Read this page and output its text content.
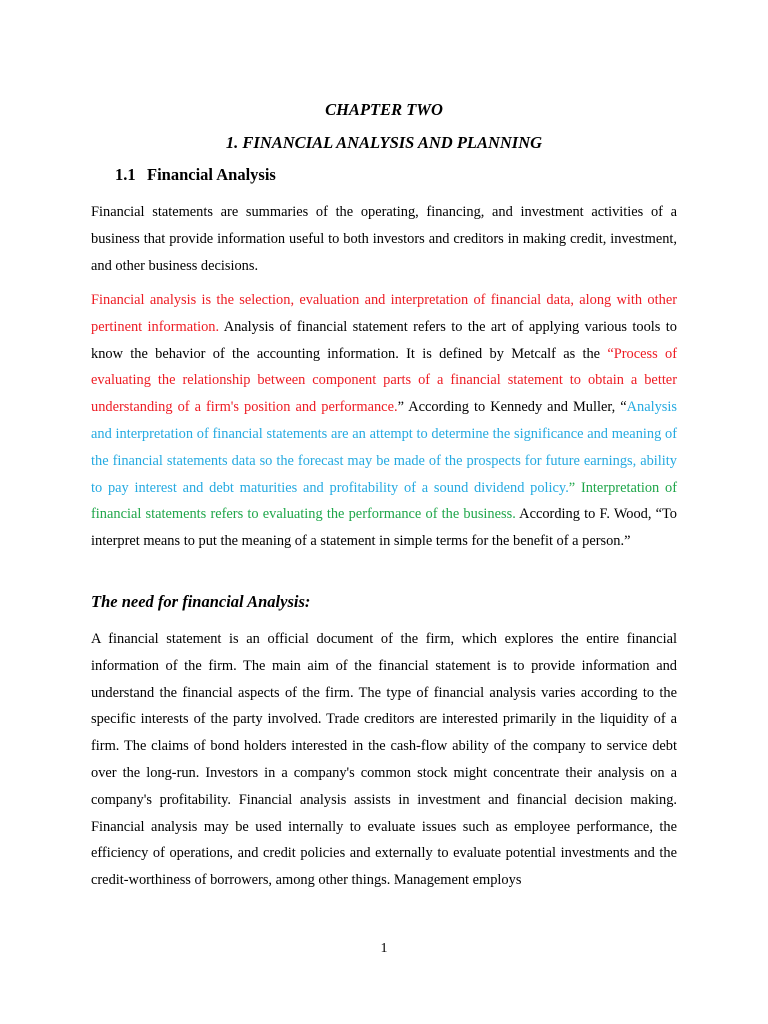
CHAPTER TWO
1. FINANCIAL ANALYSIS AND PLANNING
1.1 Financial Analysis

Financial statements are summaries of the operating, financing, and investment activities of a business that provide information useful to both investors and creditors in making credit, investment, and other business decisions.

Financial analysis is the selection, evaluation and interpretation of financial data, along with other pertinent information. Analysis of financial statement refers to the art of applying various tools to know the behavior of the accounting information. It is defined by Metcalf as the “Process of evaluating the relationship between component parts of a financial statement to obtain a better understanding of a firm's position and performance.” According to Kennedy and Muller, “Analysis and interpretation of financial statements are an attempt to determine the significance and meaning of the financial statements data so the forecast may be made of the prospects for future earnings, ability to pay interest and debt maturities and profitability of a sound dividend policy.” Interpretation of financial statements refers to evaluating the performance of the business. According to F. Wood, “To interpret means to put the meaning of a statement in simple terms for the benefit of a person.”

The need for financial Analysis:

A financial statement is an official document of the firm, which explores the entire financial information of the firm. The main aim of the financial statement is to provide information and understand the financial aspects of the firm. The type of financial analysis varies according to the specific interests of the party involved. Trade creditors are interested primarily in the liquidity of a firm. The claims of bond holders interested in the cash-flow ability of the company to service debt over the long-run. Investors in a company's common stock might concentrate their analysis on a company's profitability. Financial analysis assists in investment and financial decision making. Financial analysis may be used internally to evaluate issues such as employee performance, the efficiency of operations, and credit policies and externally to evaluate potential investments and the credit-worthiness of borrowers, among other things. Management employs

1
